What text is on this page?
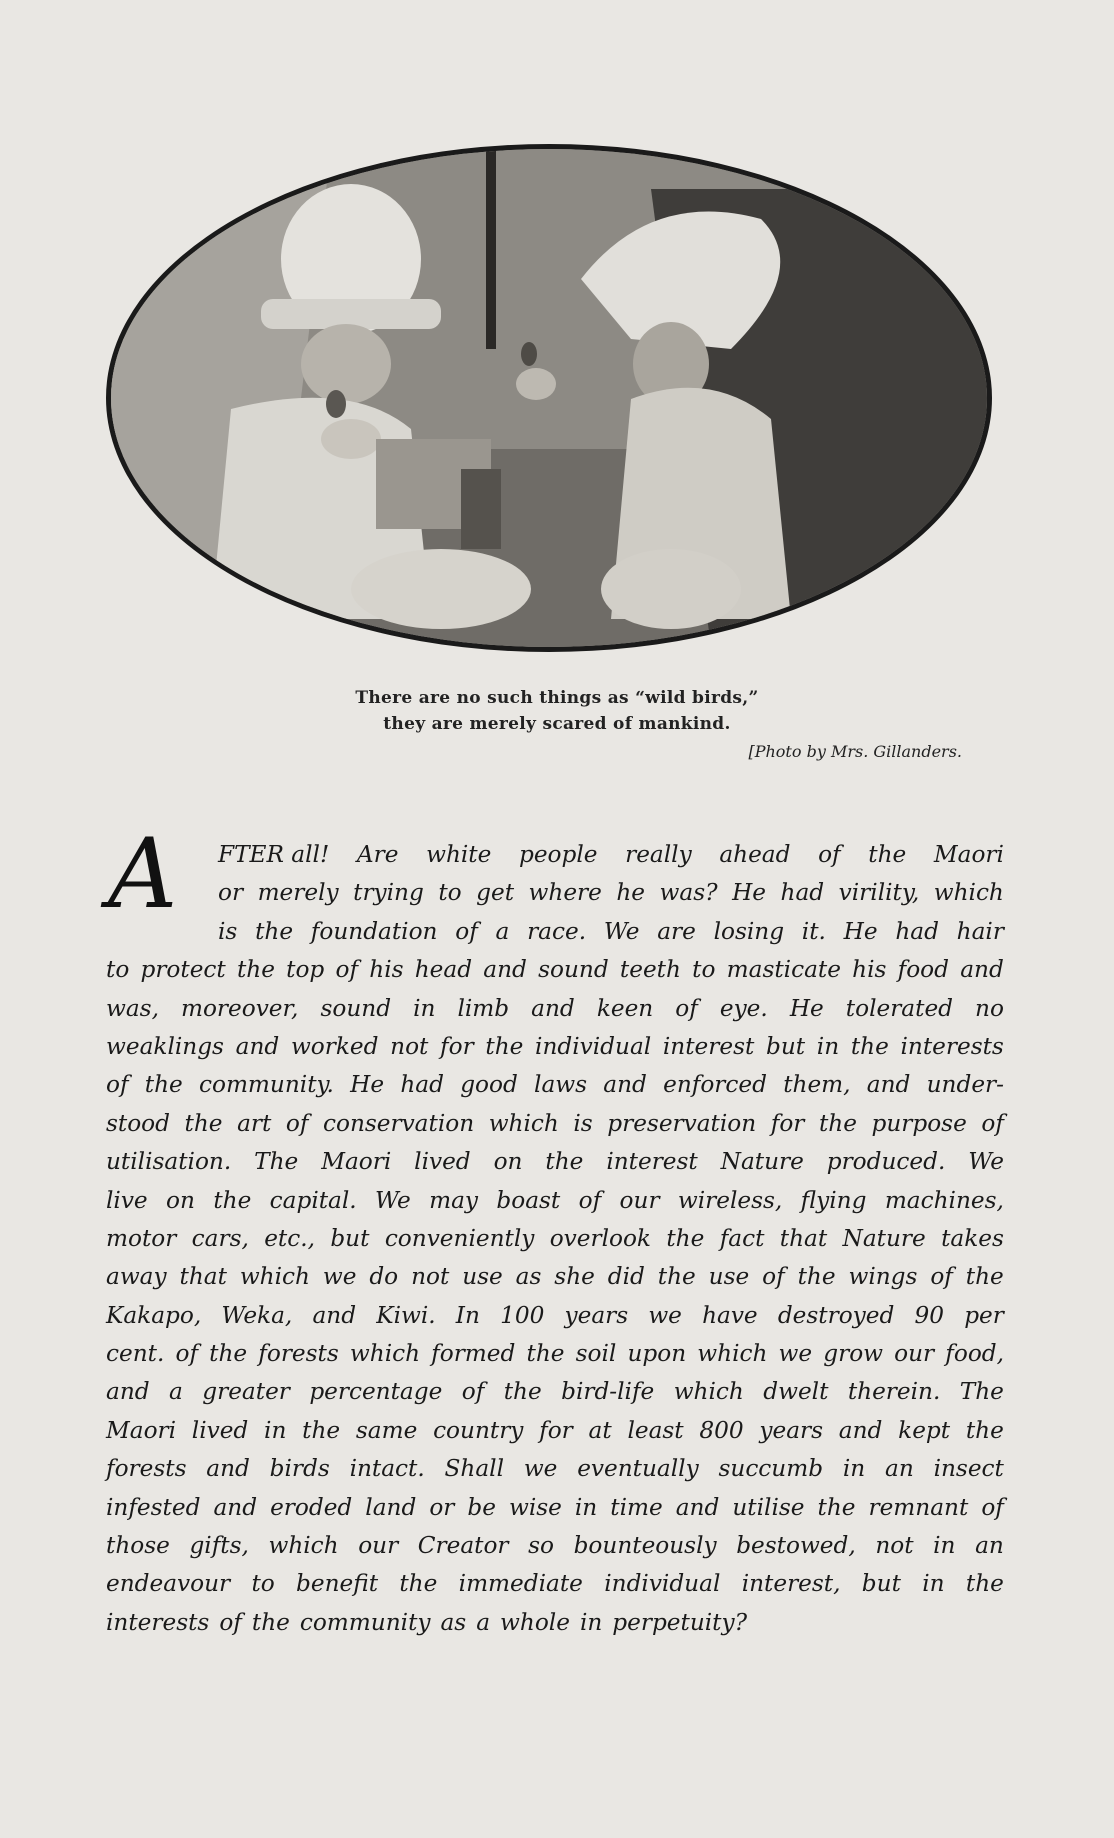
There are no such things as “wild birds,”
they are merely scared of mankind.
[Photo by Mrs. Gillanders.
A FTER all! Are white people really ahead of the Maori
or merely trying to get where he was? He had virility, which
is the foundation of a race. We are losing it. He had hair
to protect the top of his head and sound teeth to masticate his food and
was, moreover, sound in limb and keen of eye. He tolerated no
weaklings and worked not for the individual interest but in the interests
of the community. He had good laws and enforced them, and under-
stood the art of conservation which is preservation for the purpose of
utilisation. The Maori lived on the interest Nature produced. We
live on the capital. We may boast of our wireless, flying machines,
motor cars, etc., but conveniently overlook the fact that Nature takes
away that which we do not use as she did the use of the wings of the
Kakapo, Weka, and Kiwi. In 100 years we have destroyed 90 per
cent. of the forests which formed the soil upon which we grow our food,
and a greater percentage of the bird-life which dwelt therein. The
Maori lived in the same country for at least 800 years and kept the
forests and birds intact. Shall we eventually succumb in an insect
infested and eroded land or be wise in time and utilise the remnant of
those gifts, which our Creator so bounteously bestowed, not in an
endeavour to benefit the immediate individual interest, but in the
interests of the community as a whole in perpetuity?
